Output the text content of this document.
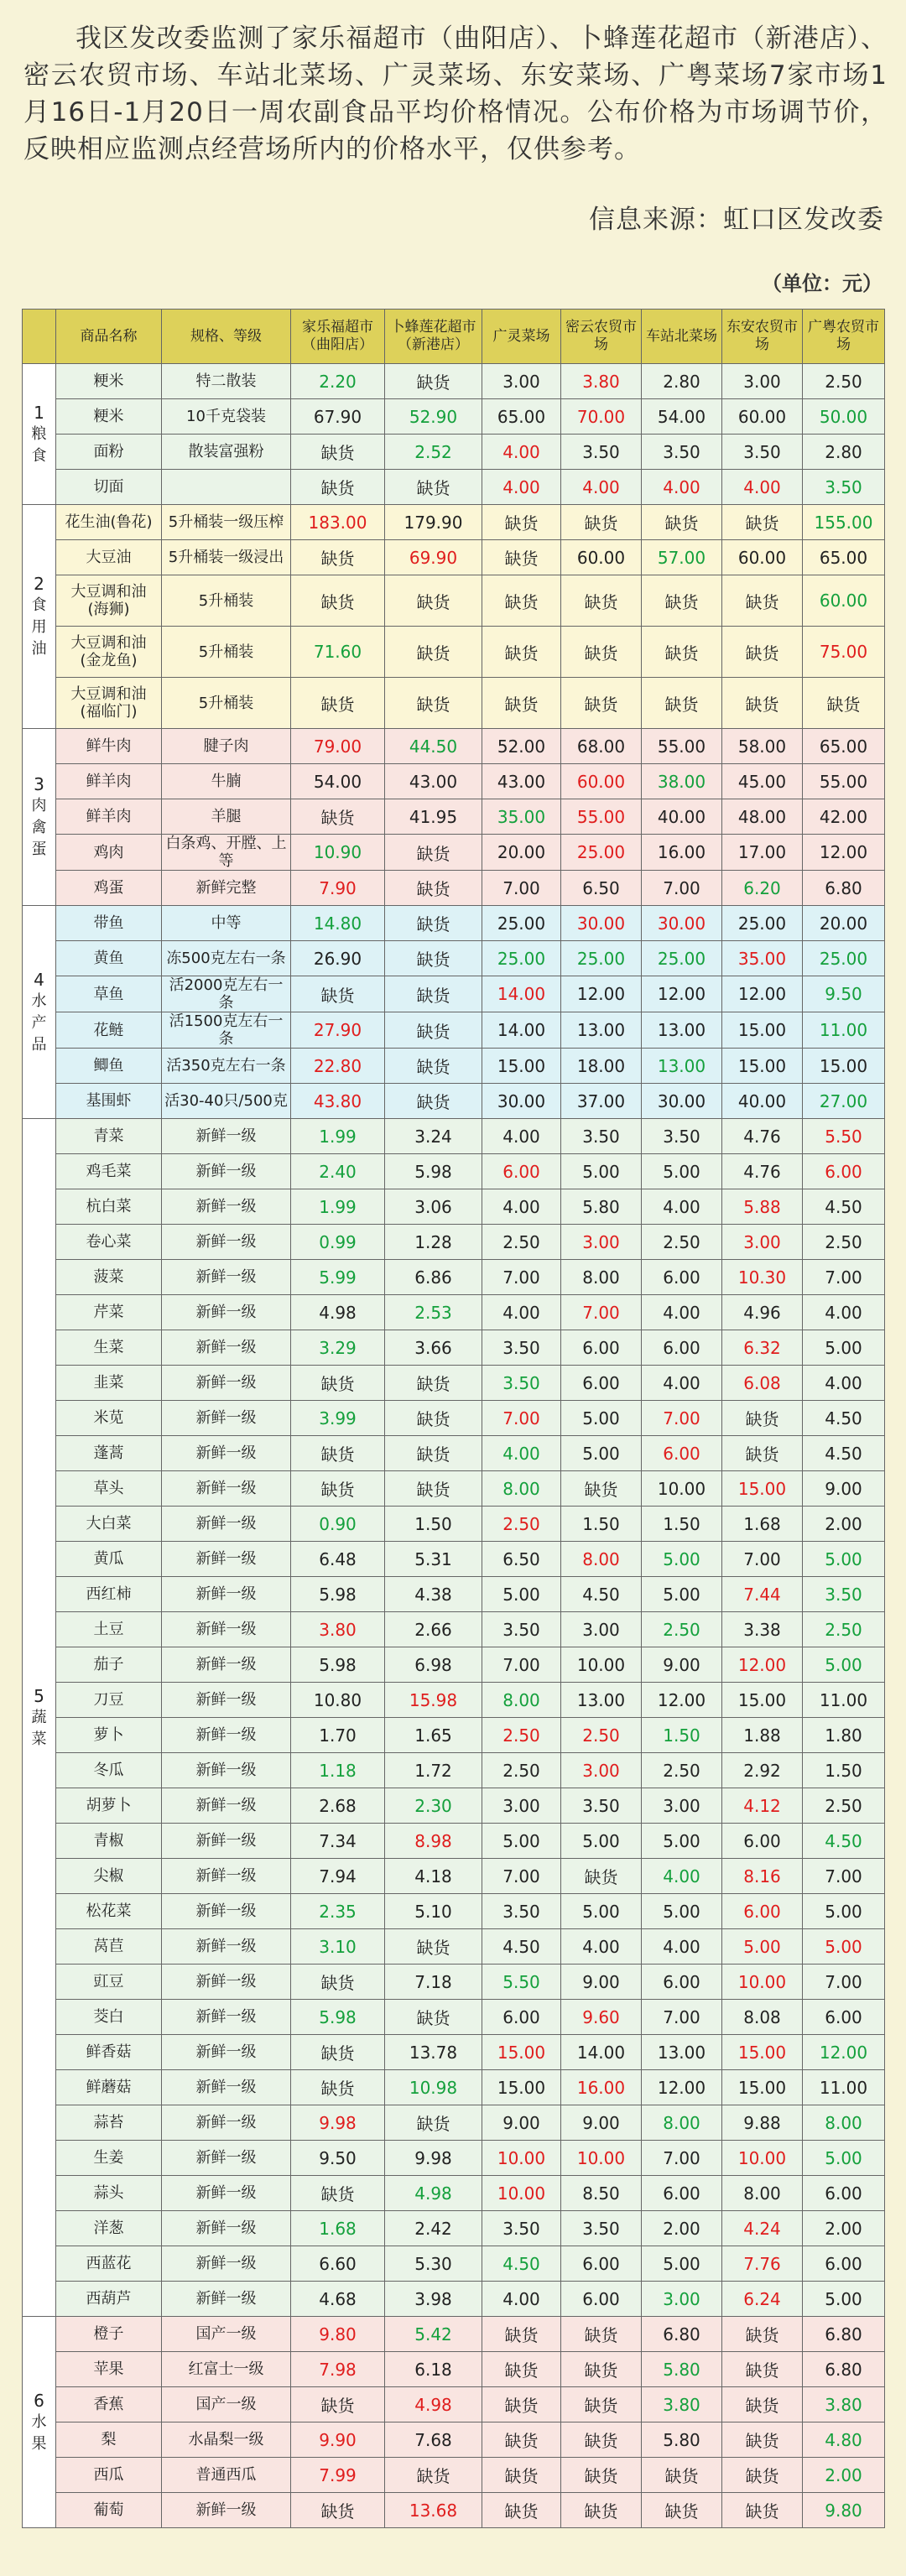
我区发改委监测了家乐福超市（曲阳店）、卜蜂莲花超市（新港店）、密云农贸市场、车站北菜场、广灵菜场、东安菜场、广粤菜场7家市场1月16日-1月20日一周农副食品平均价格情况。公布价格为市场调节价，反映相应监测点经营场所内的价格水平，仅供参考。
信息来源：虹口区发改委
（单位：元）
	商品名称	规格、等级	家乐福超市（曲阳店）	卜蜂莲花超市（新港店）	广灵菜场	密云农贸市场	车站北菜场	东安农贸市场	广粤农贸市场

1
粮
食	粳米	特二散装	2.20	缺货	3.00	3.80	2.80	3.00	2.50
	粳米	10千克袋装	67.90	52.90	65.00	70.00	54.00	60.00	50.00
	面粉	散装富强粉	缺货	2.52	4.00	3.50	3.50	3.50	2.80
	切面		缺货	缺货	4.00	4.00	4.00	4.00	3.50

2
食
用
油	花生油(鲁花)	5升桶装一级压榨	183.00	179.90	缺货	缺货	缺货	缺货	155.00
	大豆油	5升桶装一级浸出	缺货	69.90	缺货	60.00	57.00	60.00	65.00
	大豆调和油
(海狮)	5升桶装	缺货	缺货	缺货	缺货	缺货	缺货	60.00
	大豆调和油
(金龙鱼)	5升桶装	71.60	缺货	缺货	缺货	缺货	缺货	75.00
	大豆调和油
(福临门)	5升桶装	缺货	缺货	缺货	缺货	缺货	缺货	缺货

3
肉
禽
蛋	鲜牛肉	腱子肉	79.00	44.50	52.00	68.00	55.00	58.00	65.00
	鲜羊肉	牛腩	54.00	43.00	43.00	60.00	38.00	45.00	55.00
	鲜羊肉	羊腿	缺货	41.95	35.00	55.00	40.00	48.00	42.00
	鸡肉	白条鸡、开膛、上等	10.90	缺货	20.00	25.00	16.00	17.00	12.00
	鸡蛋	新鲜完整	7.90	缺货	7.00	6.50	7.00	6.20	6.80

4
水
产
品	带鱼	中等	14.80	缺货	25.00	30.00	30.00	25.00	20.00
	黄鱼	冻500克左右一条	26.90	缺货	25.00	25.00	25.00	35.00	25.00
	草鱼	活2000克左右一条	缺货	缺货	14.00	12.00	12.00	12.00	9.50
	花鲢	活1500克左右一条	27.90	缺货	14.00	13.00	13.00	15.00	11.00
	鲫鱼	活350克左右一条	22.80	缺货	15.00	18.00	13.00	15.00	15.00
	基围虾	活30-40只/500克	43.80	缺货	30.00	37.00	30.00	40.00	27.00

5
蔬
菜	青菜	新鲜一级	1.99	3.24	4.00	3.50	3.50	4.76	5.50
	鸡毛菜	新鲜一级	2.40	5.98	6.00	5.00	5.00	4.76	6.00
	杭白菜	新鲜一级	1.99	3.06	4.00	5.80	4.00	5.88	4.50
	卷心菜	新鲜一级	0.99	1.28	2.50	3.00	2.50	3.00	2.50
	菠菜	新鲜一级	5.99	6.86	7.00	8.00	6.00	10.30	7.00
	芹菜	新鲜一级	4.98	2.53	4.00	7.00	4.00	4.96	4.00
	生菜	新鲜一级	3.29	3.66	3.50	6.00	6.00	6.32	5.00
	韭菜	新鲜一级	缺货	缺货	3.50	6.00	4.00	6.08	4.00
	米苋	新鲜一级	3.99	缺货	7.00	5.00	7.00	缺货	4.50
	蓬蒿	新鲜一级	缺货	缺货	4.00	5.00	6.00	缺货	4.50
	草头	新鲜一级	缺货	缺货	8.00	缺货	10.00	15.00	9.00
	大白菜	新鲜一级	0.90	1.50	2.50	1.50	1.50	1.68	2.00
	黄瓜	新鲜一级	6.48	5.31	6.50	8.00	5.00	7.00	5.00
	西红柿	新鲜一级	5.98	4.38	5.00	4.50	5.00	7.44	3.50
	土豆	新鲜一级	3.80	2.66	3.50	3.00	2.50	3.38	2.50
	茄子	新鲜一级	5.98	6.98	7.00	10.00	9.00	12.00	5.00
	刀豆	新鲜一级	10.80	15.98	8.00	13.00	12.00	15.00	11.00
	萝卜	新鲜一级	1.70	1.65	2.50	2.50	1.50	1.88	1.80
	冬瓜	新鲜一级	1.18	1.72	2.50	3.00	2.50	2.92	1.50
	胡萝卜	新鲜一级	2.68	2.30	3.00	3.50	3.00	4.12	2.50
	青椒	新鲜一级	7.34	8.98	5.00	5.00	5.00	6.00	4.50
	尖椒	新鲜一级	7.94	4.18	7.00	缺货	4.00	8.16	7.00
	松花菜	新鲜一级	2.35	5.10	3.50	5.00	5.00	6.00	5.00
	莴苣	新鲜一级	3.10	缺货	4.50	4.00	4.00	5.00	5.00
	豇豆	新鲜一级	缺货	7.18	5.50	9.00	6.00	10.00	7.00
	茭白	新鲜一级	5.98	缺货	6.00	9.60	7.00	8.08	6.00
	鲜香菇	新鲜一级	缺货	13.78	15.00	14.00	13.00	15.00	12.00
	鲜蘑菇	新鲜一级	缺货	10.98	15.00	16.00	12.00	15.00	11.00
	蒜苔	新鲜一级	9.98	缺货	9.00	9.00	8.00	9.88	8.00
	生姜	新鲜一级	9.50	9.98	10.00	10.00	7.00	10.00	5.00
	蒜头	新鲜一级	缺货	4.98	10.00	8.50	6.00	8.00	6.00
	洋葱	新鲜一级	1.68	2.42	3.50	3.50	2.00	4.24	2.00
	西蓝花	新鲜一级	6.60	5.30	4.50	6.00	5.00	7.76	6.00
	西葫芦	新鲜一级	4.68	3.98	4.00	6.00	3.00	6.24	5.00

6
水
果	橙子	国产一级	9.80	5.42	缺货	缺货	6.80	缺货	6.80
	苹果	红富士一级	7.98	6.18	缺货	缺货	5.80	缺货	6.80
	香蕉	国产一级	缺货	4.98	缺货	缺货	3.80	缺货	3.80
	梨	水晶梨一级	9.90	7.68	缺货	缺货	5.80	缺货	4.80
	西瓜	普通西瓜	7.99	缺货	缺货	缺货	缺货	缺货	2.00
	葡萄	新鲜一级	缺货	13.68	缺货	缺货	缺货	缺货	9.80
